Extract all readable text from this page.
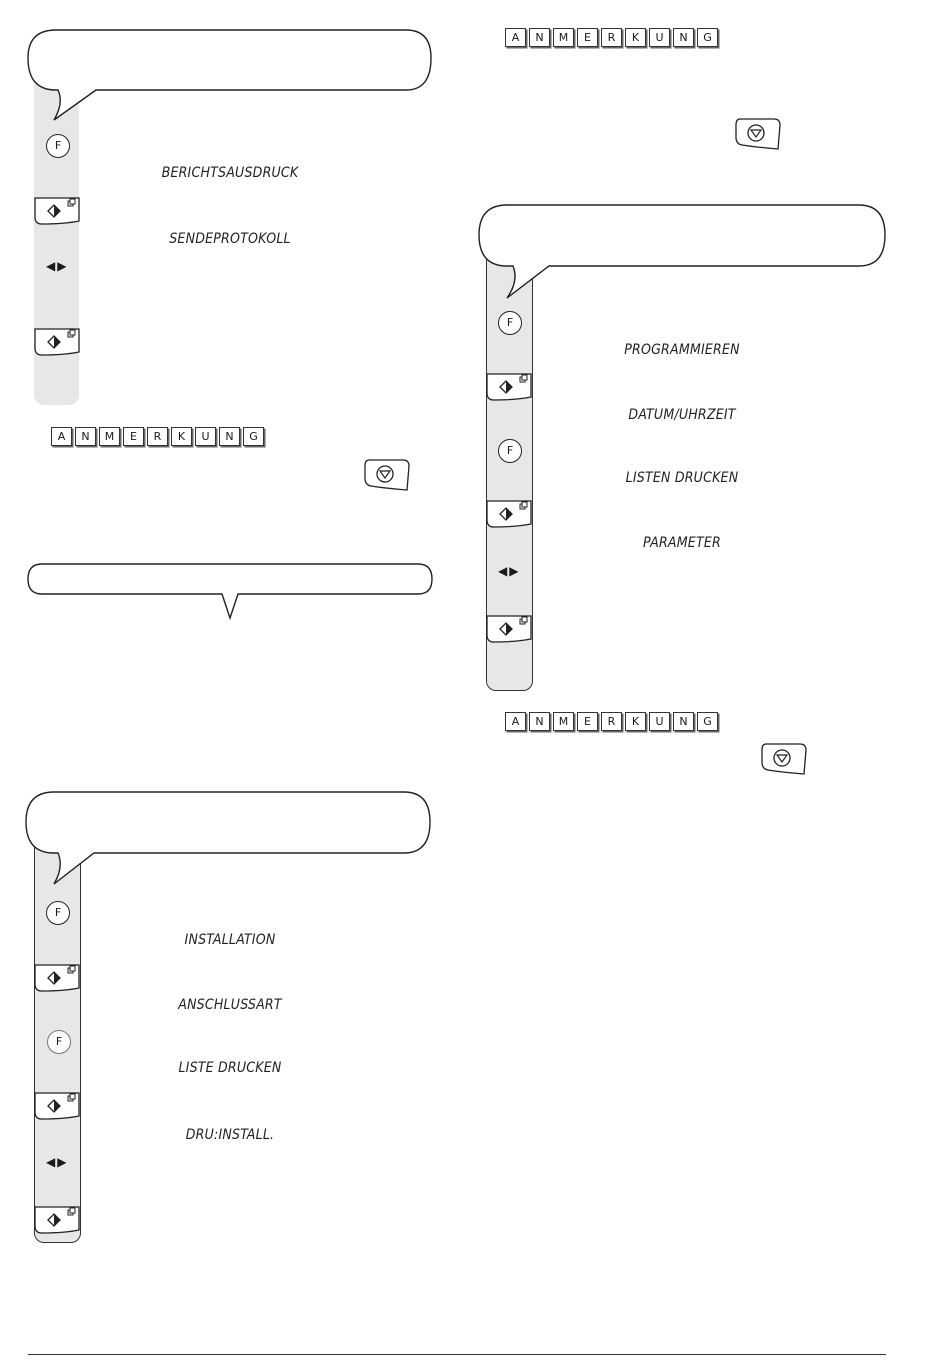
F
BERICHTSAUSDRUCK
SENDEPROTOKOLL
◀▶
A	N	M	E	R	K	U	N	G
F
INSTALLATION
ANSCHLUSSART
F
LISTE DRUCKEN
DRU:INSTALL.
◀▶
A	N	M	E	R	K	U	N	G
F
PROGRAMMIEREN
DATUM/UHRZEIT
F
LISTEN DRUCKEN
PARAMETER
◀▶
A	N	M	E	R	K	U	N	G
